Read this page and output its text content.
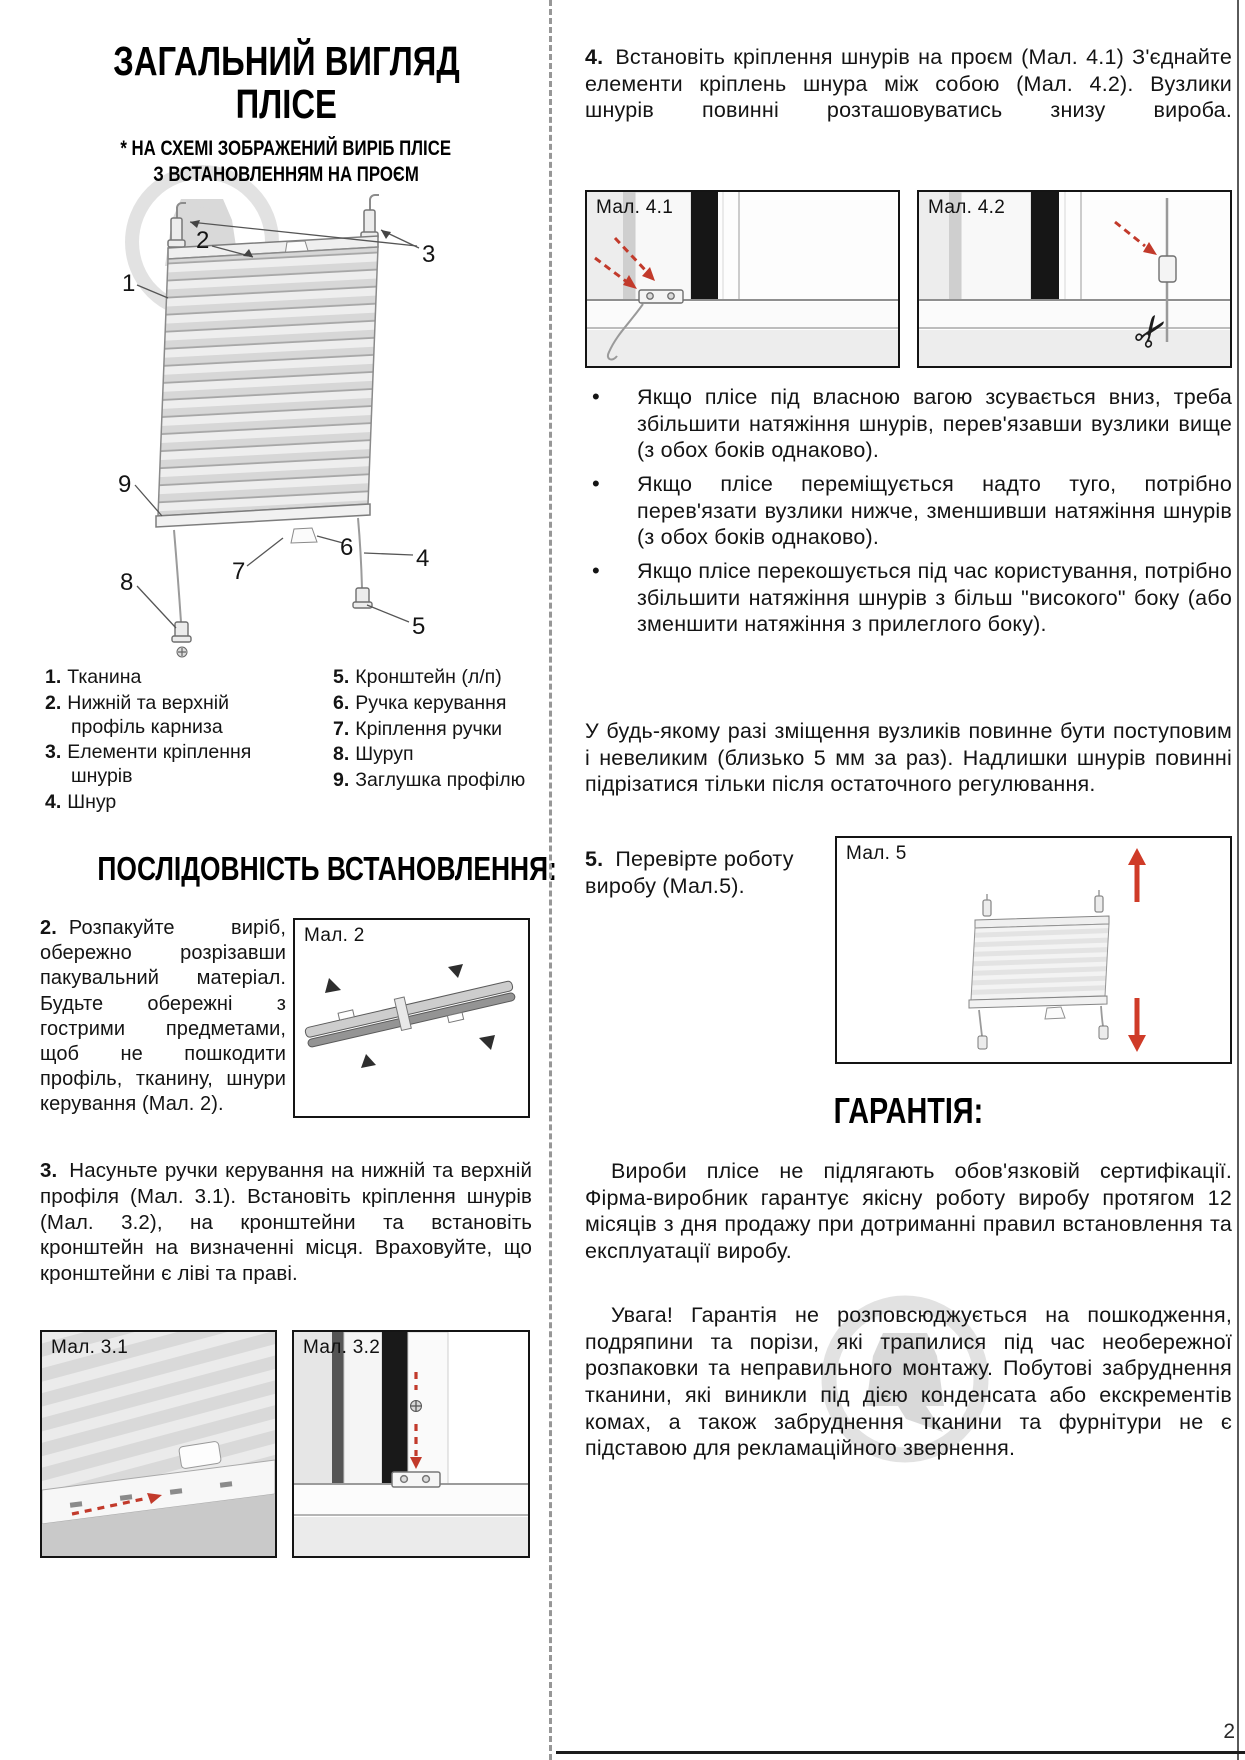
2
ЗАГАЛЬНИЙ ВИГЛЯД
ПЛІСЕ
* НА СХЕМІ ЗОБРАЖЕНИЙ ВИРІБ ПЛІСЕ
З ВСТАНОВЛЕННЯМ НА ПРОЄМ
1
2
3
4
5
6
7
8
9
1. Тканина
2. Нижній та верхній профіль карниза
3. Елементи кріплення шнурів
4. Шнур
5. Кронштейн (л/п)
6. Ручка керування
7. Кріплення ручки
8. Шуруп
9. Заглушка профілю
ПОСЛІДОВНІСТЬ ВСТАНОВЛЕННЯ:

2. Розпакуйте виріб, обережно розрізавши пакувальний матеріал. Будьте обережні з гострими предметами, щоб не пошкодити профіль, тканину, шнури керування (Мал. 2).

Мал. 2

3. Насуньте ручки керування на нижній та верхній профіля (Мал. 3.1). Встановіть кріплення шнурів (Мал. 3.2), на кронштейни та встановіть кронштейн на визначенні місця. Враховуйте, що кронштейни є ліві та праві.

Мал. 3.1	Мал. 3.2

4. Встановіть кріплення шнурів на проєм (Мал. 4.1) З'єднайте елементи кріплень шнура між собою (Мал. 4.2). Вузлики шнурів повинні розташовуватись знизу вироба.

Мал. 4.1	Мал. 4.2
✂
• Якщо плісе під власною вагою зсувається вниз, треба збільшити натяжіння шнурів, перев'язавши вузлики вище (з обох боків однаково).
• Якщо плісе переміщується надто туго, потрібно перев'язати вузлики нижче, зменшивши натяжіння шнурів (з обох боків однаково).
• Якщо плісе перекошується під час користування, потрібно збільшити натяжіння шнурів з більш "високого" боку (або зменшити натяжіння з прилеглого боку).

У будь-якому разі зміщення вузликів повинне бути поступовим і невеликим (близько 5 мм за раз). Надлишки шнурів повинні підрізатися тільки після остаточного регулювання.

5. Перевірте роботу виробу (Мал.5).

Мал. 5
ГАРАНТІЯ:

Вироби плісе не підлягають обов'язковій сертифікації. Фірма-виробник гарантує якісну роботу виробу протягом 12 місяців з дня продажу при дотриманні правил встановлення та експлуатації виробу.

Увага! Гарантія не розповсюджується на пошкодження, подряпини та порізи, які трапилися під час необережної розпаковки та неправильного монтажу. Побутові забруднення тканини, які виникли під дією конденсата або екскрементів комах, а також забруднення тканини та фурнітури не є підставою для рекламаційного звернення.
